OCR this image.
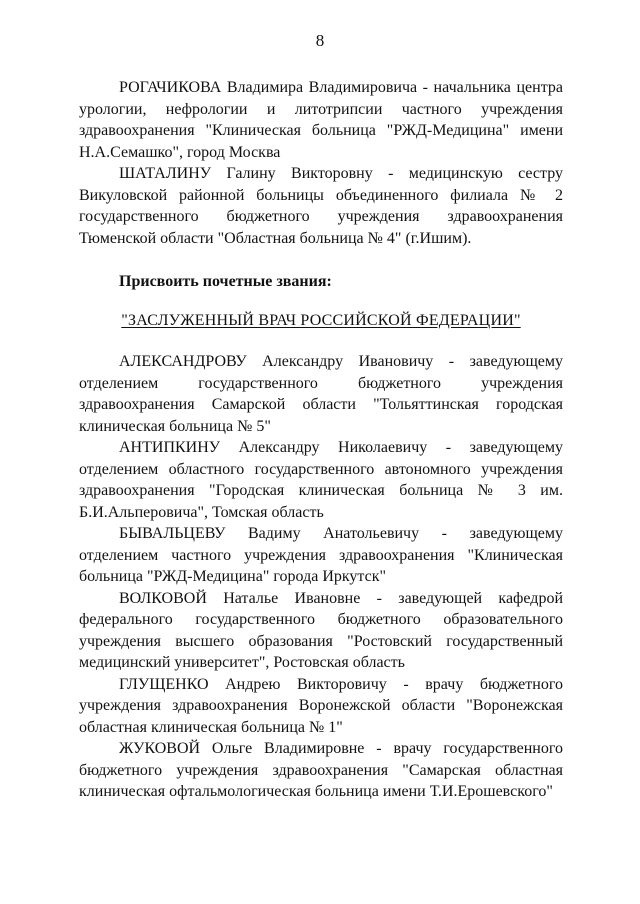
8

РОГАЧИКОВА Владимира Владимировича - начальника центра урологии, нефрологии и литотрипсии частного учреждения здравоохранения "Клиническая больница "РЖД-Медицина" имени Н.А.Семашко", город Москва

ШАТАЛИНУ Галину Викторовну - медицинскую сестру Викуловской районной больницы объединенного филиала № 2 государственного бюджетного учреждения здравоохранения Тюменской области "Областная больница № 4" (г.Ишим).

Присвоить почетные звания:

"ЗАСЛУЖЕННЫЙ ВРАЧ РОССИЙСКОЙ ФЕДЕРАЦИИ"

АЛЕКСАНДРОВУ Александру Ивановичу - заведующему отделением государственного бюджетного учреждения здравоохранения Самарской области "Тольяттинская городская клиническая больница № 5"

АНТИПКИНУ Александру Николаевичу - заведующему отделением областного государственного автономного учреждения здравоохранения "Городская клиническая больница № 3 им. Б.И.Альперовича", Томская область

БЫВАЛЬЦЕВУ Вадиму Анатольевичу - заведующему отделением частного учреждения здравоохранения "Клиническая больница "РЖД-Медицина" города Иркутск"

ВОЛКОВОЙ Наталье Ивановне - заведующей кафедрой федерального государственного бюджетного образовательного учреждения высшего образования "Ростовский государственный медицинский университет", Ростовская область

ГЛУЩЕНКО Андрею Викторовичу - врачу бюджетного учреждения здравоохранения Воронежской области "Воронежская областная клиническая больница № 1"

ЖУКОВОЙ Ольге Владимировне - врачу государственного бюджетного учреждения здравоохранения "Самарская областная клиническая офтальмологическая больница имени Т.И.Ерошевского"
